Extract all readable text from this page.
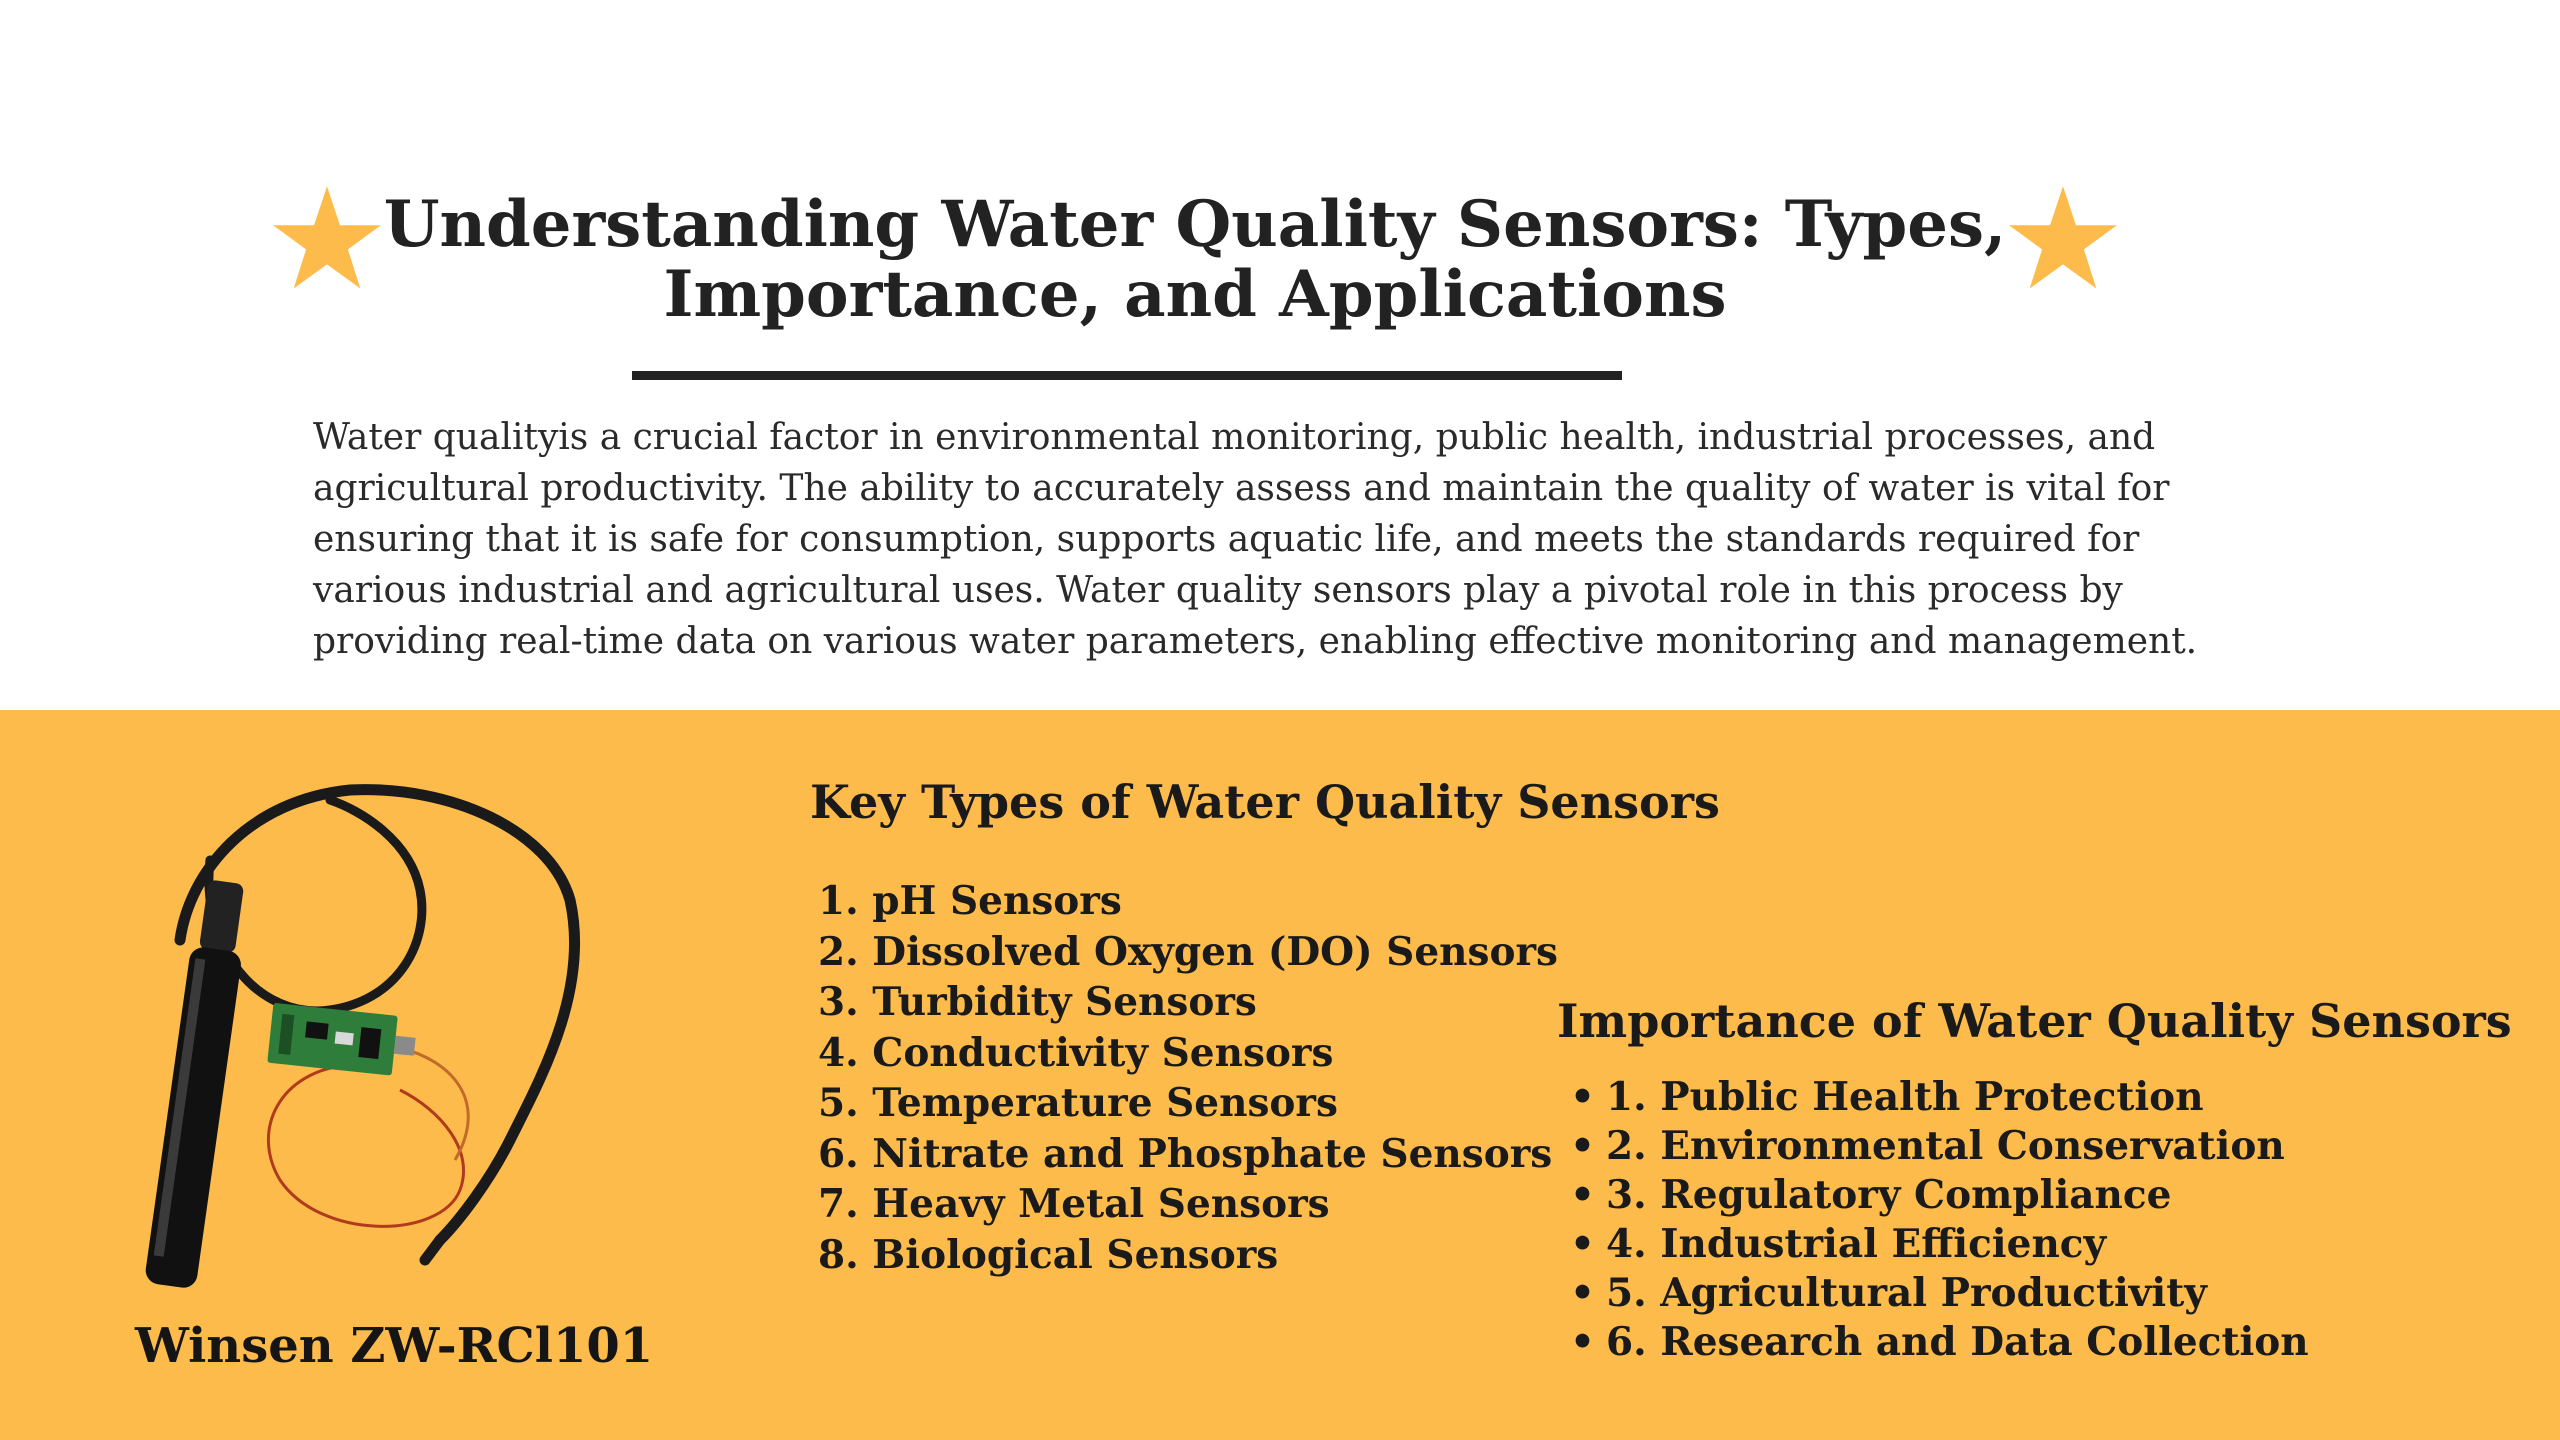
Understanding Water Quality Sensors: Types,
Importance, and Applications

Water qualityis a crucial factor in environmental monitoring, public health, industrial processes, and agricultural productivity. The ability to accurately assess and maintain the quality of water is vital for ensuring that it is safe for consumption, supports aquatic life, and meets the standards required for various industrial and agricultural uses. Water quality sensors play a pivotal role in this process by providing real-time data on various water parameters, enabling effective monitoring and management.

Winsen ZW-RCl101
Key Types of Water Quality Sensors
1. pH Sensors
2. Dissolved Oxygen (DO) Sensors
3. Turbidity Sensors
4. Conductivity Sensors
5. Temperature Sensors
6. Nitrate and Phosphate Sensors
7. Heavy Metal Sensors
8. Biological Sensors
Importance of Water Quality Sensors
• 1. Public Health Protection
• 2. Environmental Conservation
• 3. Regulatory Compliance
• 4. Industrial Efficiency
• 5. Agricultural Productivity
• 6. Research and Data Collection
